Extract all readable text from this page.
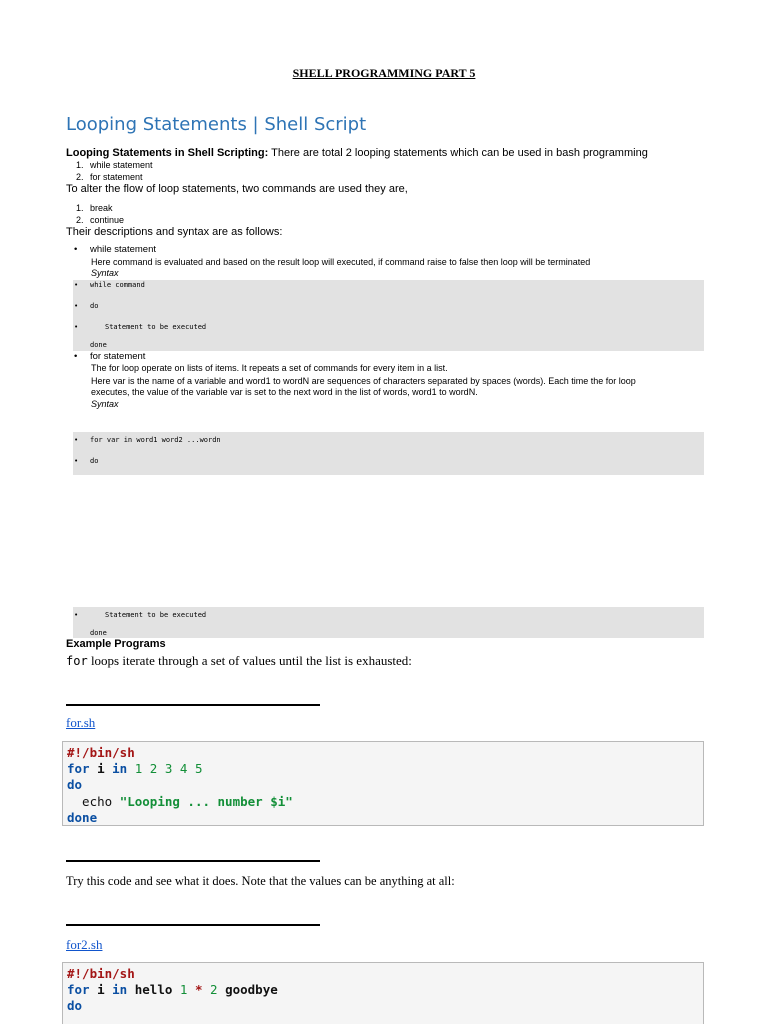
SHELL PROGRAMMING PART 5
Looping Statements | Shell Script
Looping Statements in Shell Scripting: There are total 2 looping statements which can be used in bash programming
1. while statement
2. for statement
To alter the flow of loop statements, two commands are used they are,
1. break
2. continue
Their descriptions and syntax are as follows:
• while statement
Here command is evaluated and based on the result loop will executed, if command raise to false then loop will be terminated
Syntax
• while command
• do
•	Statement to be executed
done
• for statement
The for loop operate on lists of items. It repeats a set of commands for every item in a list.
Here var is the name of a variable and word1 to wordN are sequences of characters separated by spaces (words). Each time the for loop
executes, the value of the variable var is set to the next word in the list of words, word1 to wordN.
Syntax
• for var in word1 word2 ...wordn
• do
•	Statement to be executed
done
Example Programs
for loops iterate through a set of values until the list is exhausted:
for.sh
#!/bin/sh
for i in 1 2 3 4 5
do
echo "Looping ... number $i"
done
Try this code and see what it does. Note that the values can be anything at all:
for2.sh
#!/bin/sh
for i in hello 1 * 2 goodbye
do
